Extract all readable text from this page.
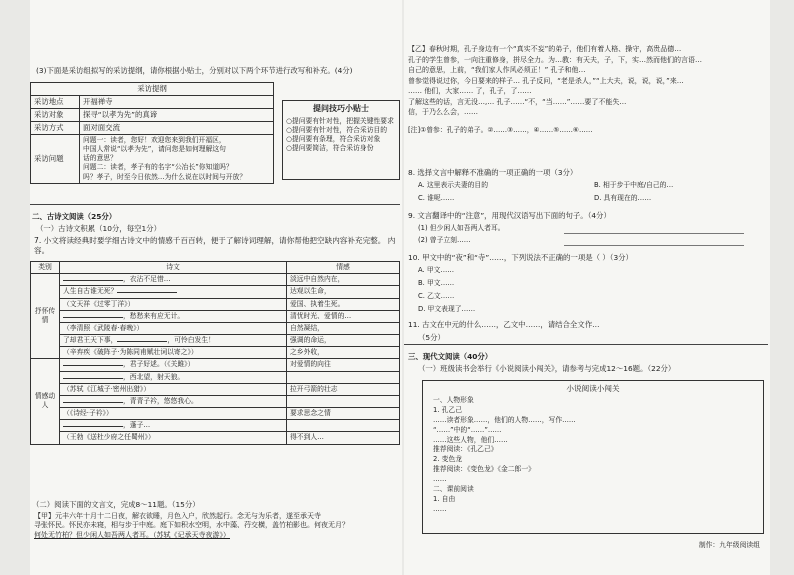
(3)下面是采访组拟写的采访提纲，请你根据小贴士，分别对以下两个环节进行改写和补充。(4分)
采访提纲	
采访地点	开福禅寺
采访对象	探寻“以孝为先”的真谛
采访方式	面对面交流
采访问题	问题一：读者，您好！欢迎您来到我们开福区，
中国人常说“以孝为先”，请问您是如何理解这句
话的意思？
问题二：读者，孝子有的名字“公冶长”你知道吗？
吗？孝子，时至今日依然…为什么说在以时间与开放？
提问技巧小贴士
○提问要有针对性，把握关键性要求
○提问要有针对性，符合采访目的
○提问要有条理，符合采访对象
○提问要简洁，符合采访身份
二、古诗文阅读（25分）
（一）古诗文积累（10分，每空1分）
7. 小文将读经典时要学细古诗文中的情感千百百转，便于了解诗词理解，请你帮他把空缺内容补充完整。 内容。
类别	诗文	情感
抒怀传情	，衣沾不足惜…	淡远中自然内在，
	人生自古谁无死？	达观以生命，
	（文天祥《过零丁洋》）	爱国、执着生死。
	，愁愁来有应无计。	清忧时光、爱情的…
	（李清照《武陵春·春晚》）	自然凝结，
	了却君王天下事， ，可怜白发生！	强调的命运，
	（辛弃疾《破阵子·为陈同甫赋壮词以寄之》）	之乡外收，
情感动人	，君子好逑。（《关雎》）	对爱情的向往
	，西北望，射天狼。	
	（苏轼《江城子·密州出猎》）	拉开弓箭的壮志
	，青青子衿，悠悠我心。	
	（《诗经·子衿》）	要求思念之情
	，蓬子…	
	（王勃《送杜少府之任蜀州》）	得不到人…
（二）阅读下面的文言文，完成8～11题。（15分）
【甲】元丰六年十月十二日夜，解衣欲睡，月色入户，欣然起行。念无与为乐者，遂至承天寺
寻张怀民。怀民亦未寝，相与步于中庭。庭下如积水空明，水中藻、荇交横，盖竹柏影也。何夜无月？
何处无竹柏？但少闲人如吾两人者耳。（苏轼《记承天寺夜游》）
【乙】春秋时期，孔子身边有一个“真实不妄”的弟子，他们有着人格、操守，高贵品德…
孔子的学生曾参，一向注重修身，拼尽全力。为…教：有天夫，子，下，实…然而他们的言语…
自己的意思，上前，“我们家人作风必须正！” 孔子和他…
曾参觉得说过你，今日要来的样子… 孔子反问，“老是杀人，”“上大夫，说，说，说，”来…
…… 他们，大家…… 了，孔子，了……
了解这些的话，言无没…,… 孔子……“不，“当……”……要了不能失…
信，于乃么么会，……
[注]①曾参：孔子的弟子。②……③……，④……⑤……⑥……
8. 选择文言中解释不准确的一项正确的一项（3分）
A. 这里表示夫妻的目的	B. 相于步于中庭/自己的…
C. 谁呢……	D. 具有现在的……
9. 文言翻译中的“注意”，用现代汉语写出下面的句子。（4分）
(1) 但少闲人如吾两人者耳。
(2) 曾子立刻……
10. 甲文中的“夜”和“寺”……，下列说法不正确的一项是（ ）（3分）
A. 甲文……
B. 甲文……
C. 乙文……
D. 甲文表现了……
11. 古文在中元的什么……，乙文中……，请结合全文作…
（5分）
三、现代文阅读（40分）
（一）班级读书会举行《小说阅读小闯关》，请参考与完成12～16题。（22分）
小说阅读小闯关
一、人物形象
1. 孔乙己
……读者形象……，他们的人物……，写作……
“……”中的“……”……
……这些人物，他们……
推荐阅读：《孔乙己》
2. 变色龙
推荐阅读：《变色龙》《金二郎一》
……
二、课前阅读
1. 自由
……
制作：九年级阅读组
